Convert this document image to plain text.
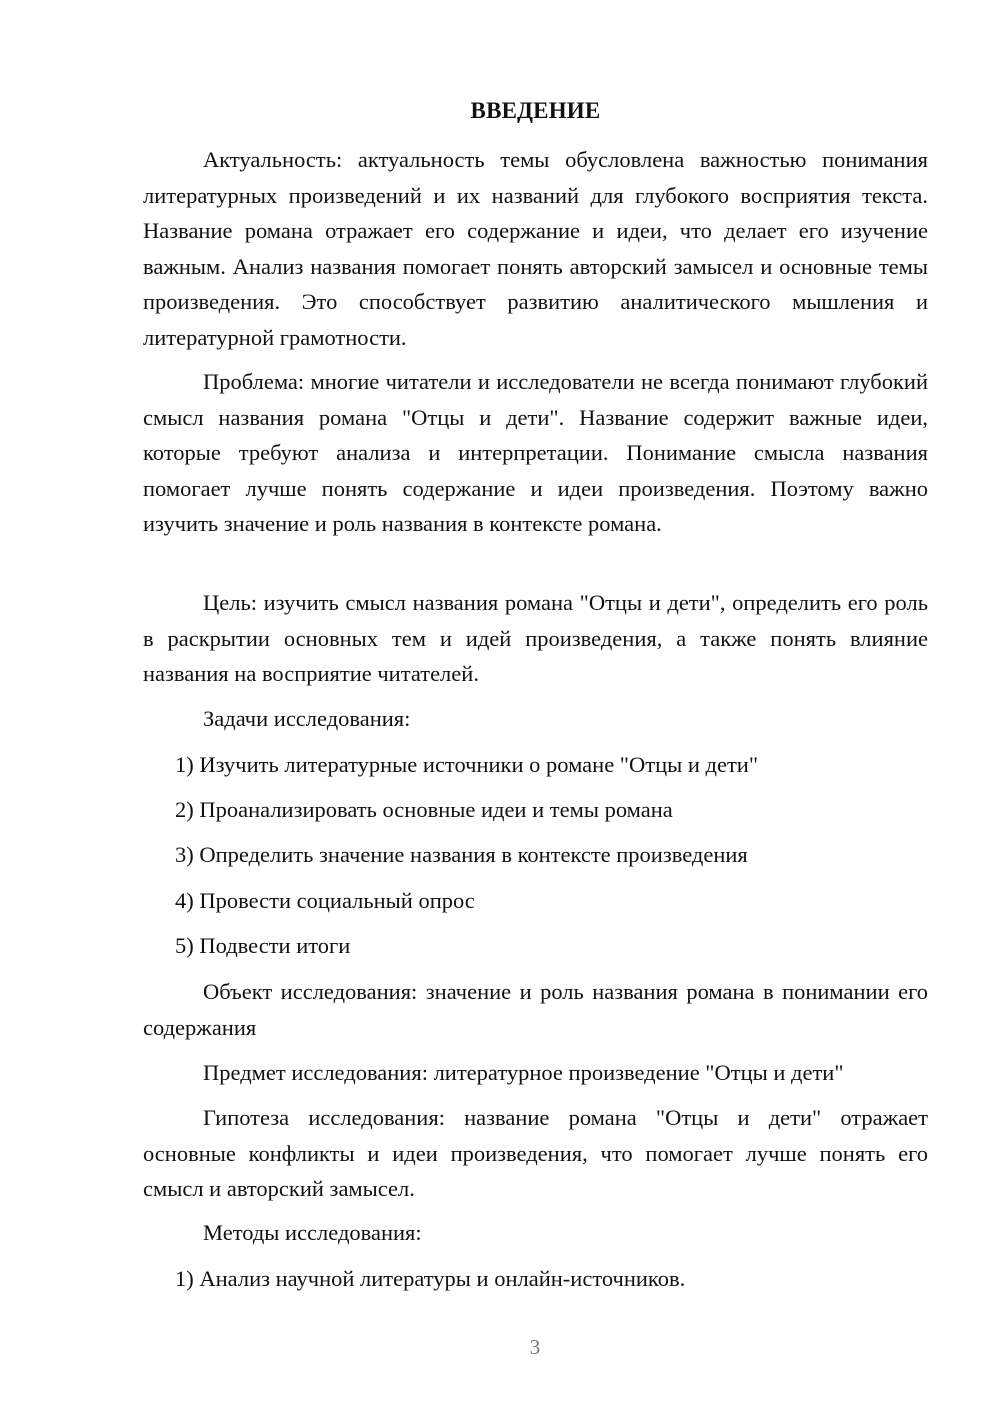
ВВЕДЕНИЕ

Актуальность: актуальность темы обусловлена важностью понимания литературных произведений и их названий для глубокого восприятия текста. Название романа отражает его содержание и идеи, что делает его изучение важным. Анализ названия помогает понять авторский замысел и основные темы произведения. Это способствует развитию аналитического мышления и литературной грамотности.

Проблема: многие читатели и исследователи не всегда понимают глубокий смысл названия романа "Отцы и дети". Название содержит важные идеи, которые требуют анализа и интерпретации. Понимание смысла названия помогает лучше понять содержание и идеи произведения. Поэтому важно изучить значение и роль названия в контексте романа.

Цель: изучить смысл названия романа "Отцы и дети", определить его роль в раскрытии основных тем и идей произведения, а также понять влияние названия на восприятие читателей.

Задачи исследования:

1) Изучить литературные источники о романе "Отцы и дети"

2) Проанализировать основные идеи и темы романа

3) Определить значение названия в контексте произведения

4) Провести социальный опрос

5) Подвести итоги

Объект исследования: значение и роль названия романа в понимании его содержания

Предмет исследования: литературное произведение "Отцы и дети"

Гипотеза исследования: название романа "Отцы и дети" отражает основные конфликты и идеи произведения, что помогает лучше понять его смысл и авторский замысел.

Методы исследования:

1) Анализ научной литературы и онлайн-источников.

3
